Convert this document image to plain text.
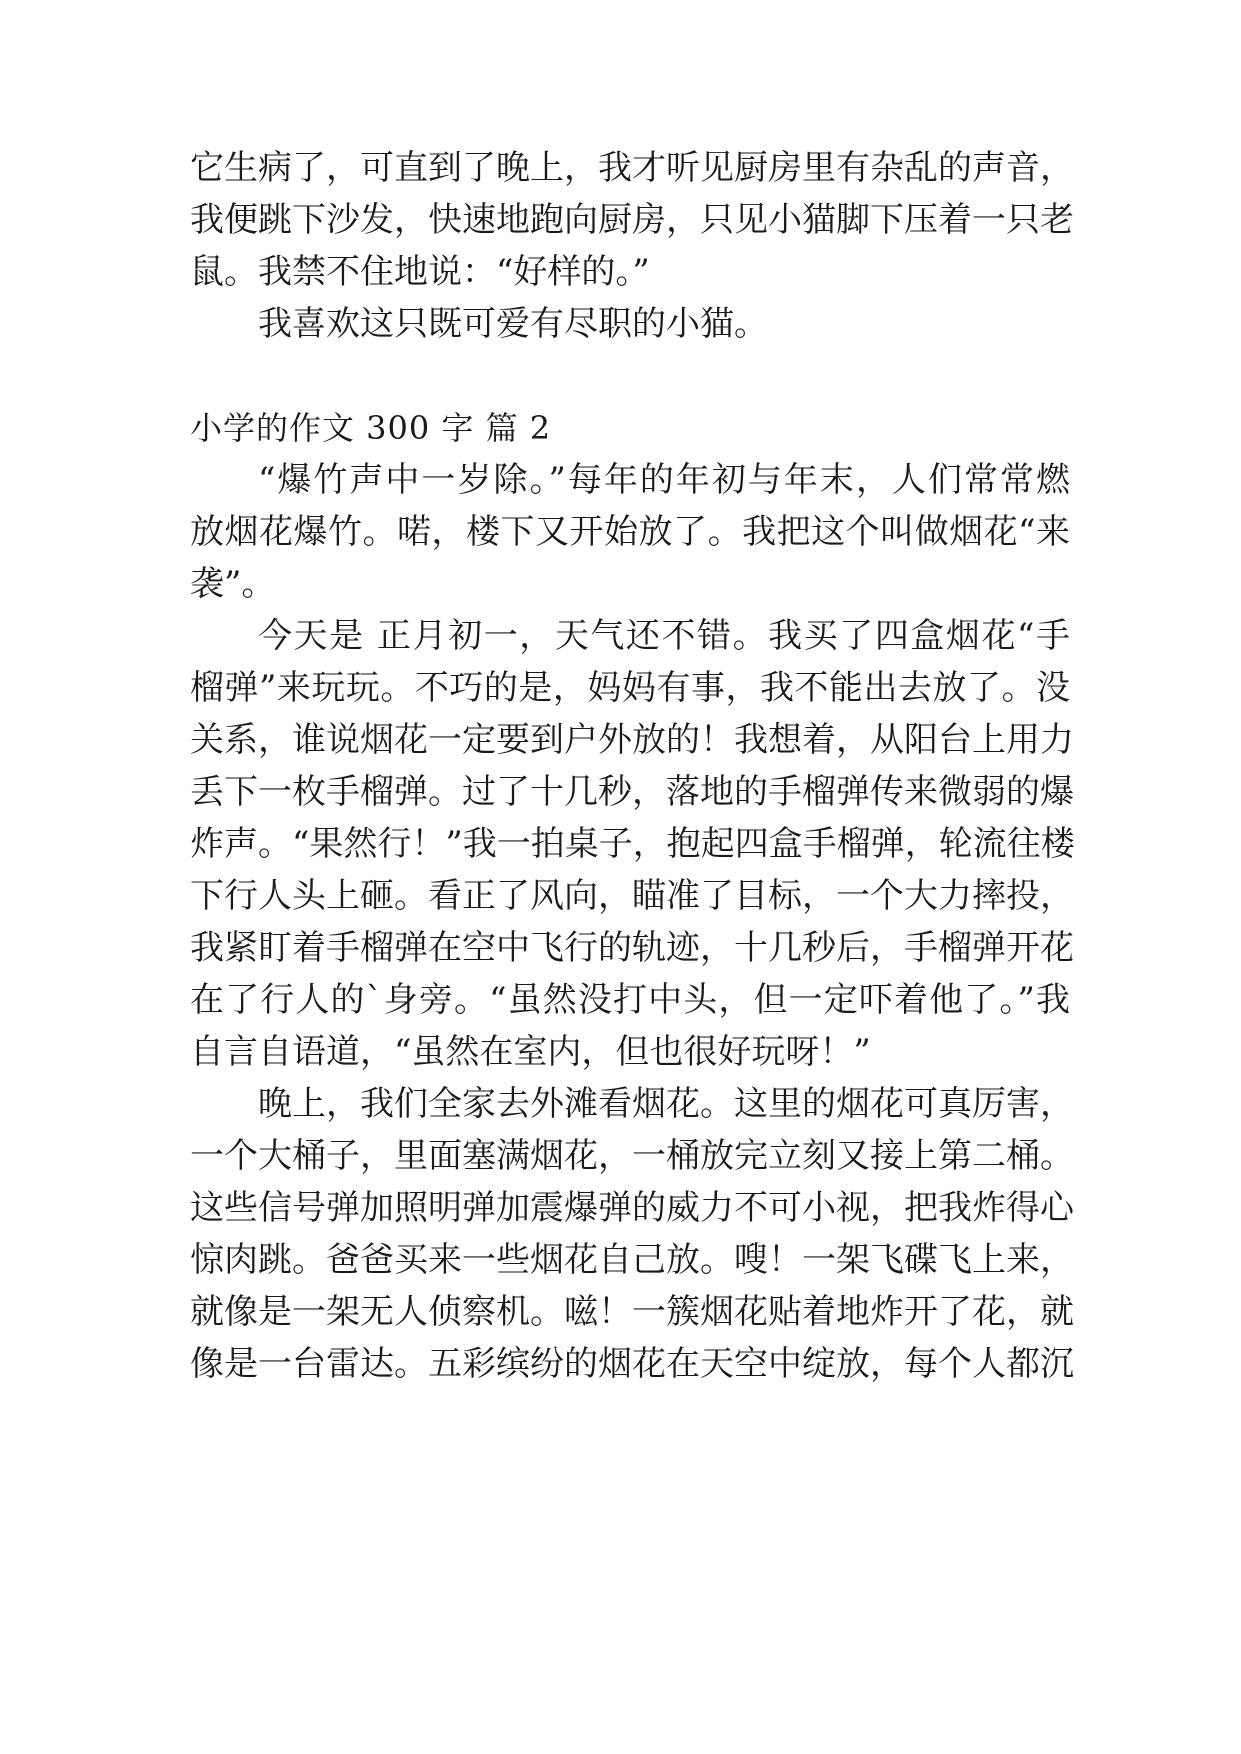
它生病了，可直到了晚上，我才听见厨房里有杂乱的声音，
我便跳下沙发，快速地跑向厨房，只见小猫脚下压着一只老
鼠。我禁不住地说：“好样的。”
我喜欢这只既可爱有尽职的小猫。
小学的作文 300 字 篇 2
“爆竹声中一岁除。”每年的年初与年末，人们常常燃
放烟花爆竹。喏，楼下又开始放了。我把这个叫做烟花“来
袭”。
今天是 正月初一，天气还不错。我买了四盒烟花“手
榴弹”来玩玩。不巧的是，妈妈有事，我不能出去放了。没
关系，谁说烟花一定要到户外放的！我想着，从阳台上用力
丢下一枚手榴弹。过了十几秒，落地的手榴弹传来微弱的爆
炸声。“果然行！”我一拍桌子，抱起四盒手榴弹，轮流往楼
下行人头上砸。看正了风向，瞄准了目标，一个大力摔投，
我紧盯着手榴弹在空中飞行的轨迹，十几秒后，手榴弹开花
在了行人的`身旁。“虽然没打中头，但一定吓着他了。”我
自言自语道，“虽然在室内，但也很好玩呀！”
晚上，我们全家去外滩看烟花。这里的烟花可真厉害，
一个大桶子，里面塞满烟花，一桶放完立刻又接上第二桶。
这些信号弹加照明弹加震爆弹的威力不可小视，把我炸得心
惊肉跳。爸爸买来一些烟花自己放。嗖！一架飞碟飞上来，
就像是一架无人侦察机。嗞！一簇烟花贴着地炸开了花，就
像是一台雷达。五彩缤纷的烟花在天空中绽放，每个人都沉
